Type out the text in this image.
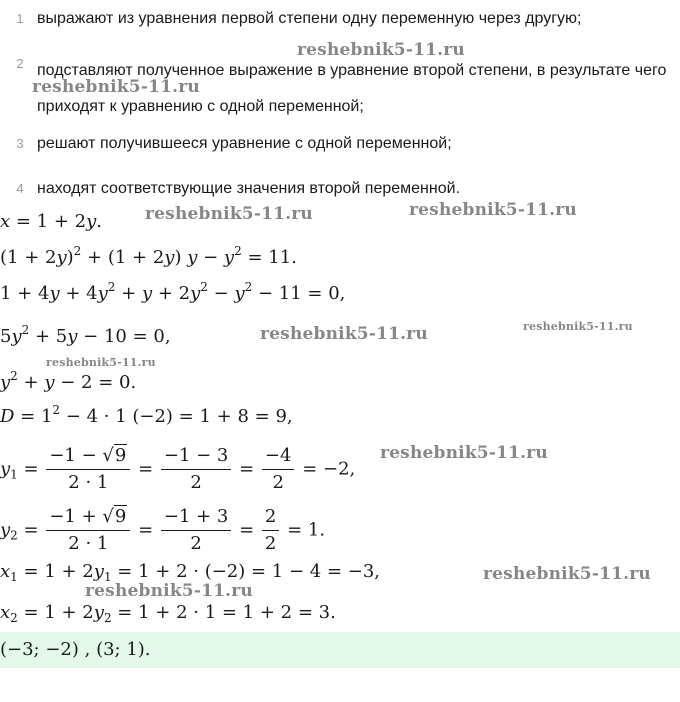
1 выражают из уравнения первой степени одну переменную через другую;
2 подставляют полученное выражение в уравнение второй степени, в результате чего приходят к уравнению с одной переменной;
3 решают получившееся уравнение с одной переменной;
4 находят соответствующие значения второй переменной.
x = 1 + 2y.
$(1 + 2y)^2 + (1 + 2y)$ $y - y^2 = 11$.
$1 + 4y + 4y^2 + y + 2y^2 - y^2 - 11 = 0$,
$5y^2 + 5y - 10 = 0$,
$y^2 + y - 2 = 0$.
$D = 1^2 - 4 \cdot 1$ (−2) = 1 + 8 = 9,
$y_1 = \frac{-1 - √9}{2 \cdot 1} = \frac{-1 - 3}{2} = \frac{-4}{2} = -2$,
$y_2 = \frac{-1 + √9}{2 \cdot 1} = \frac{-1 + 3}{2} = \frac{2}{2} = 1$.
$x_1 = 1 + 2y_1 = 1 + 2 \cdot (-2) = 1 - 4 = -3$,
$x_2 = 1 + 2y_2 = 1 + 2 \cdot 1 = 1 + 2 = 3$.
(−3; −2) , (3; 1).
reshebnik5-11.ru
reshebnik5-11.ru
reshebnik5-11.ru	reshebnik5-11.ru
reshebnik5-11.ru	reshebnik5-11.ru
reshebnik5-11.ru
reshebnik5-11.ru
reshebnik5-11.ru
reshebnik5-11.ru
